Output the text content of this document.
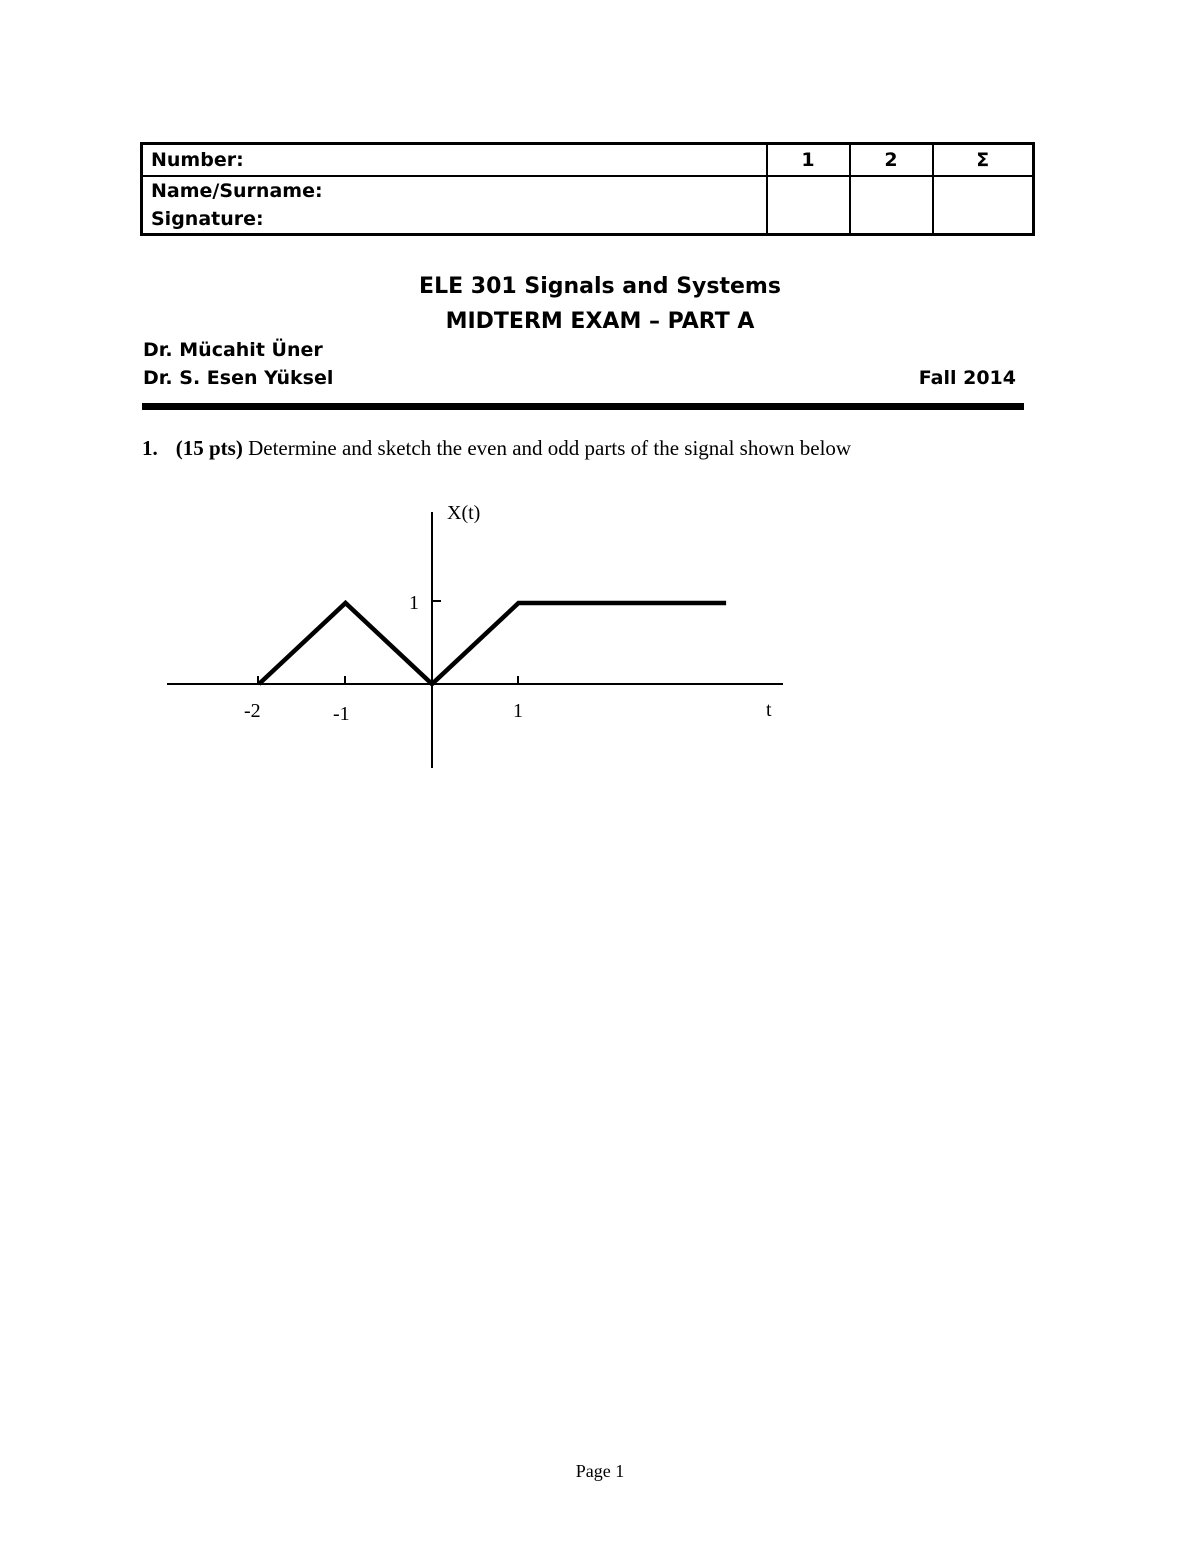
Number:	1	2	Σ

Name/Surname:
Signature:			

ELE 301 Signals and Systems
MIDTERM EXAM – PART A
Dr. Mücahit Üner
Dr. S. Esen Yüksel	Fall 2014
1. (15 pts) Determine and sketch the even and odd parts of the signal shown below
X(t)
1
-2	-1	1	t
Page 1
